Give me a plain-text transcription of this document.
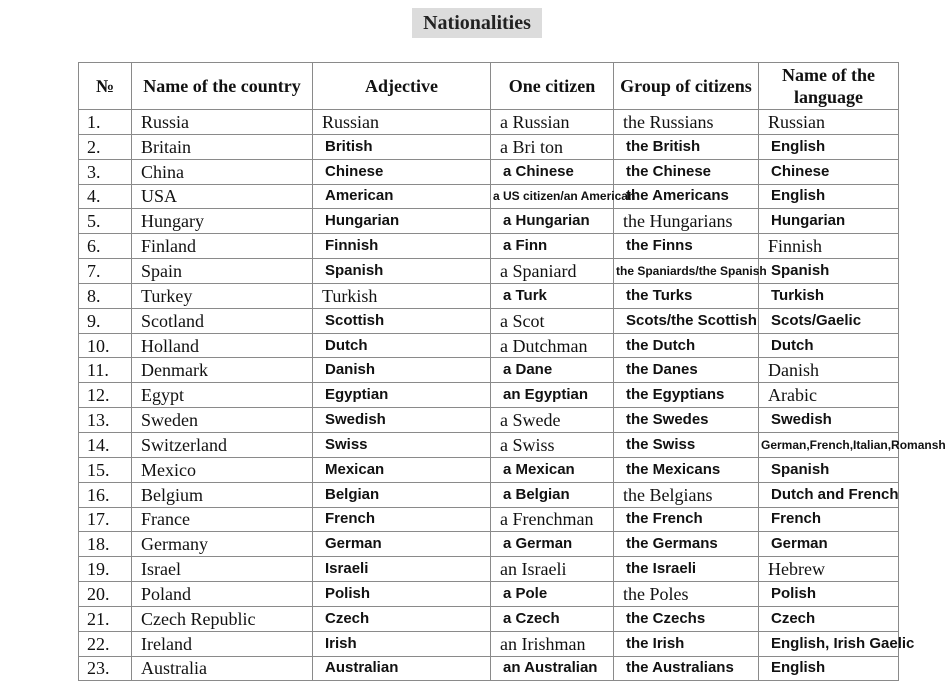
Nationalities
№	Name of the country	Adjective	One citizen	Group of citizens	Name of the language
1.	Russia	Russian	a Russian	the Russians	Russian
2.	Britain	British	a Bri ton	the British	English
3.	China	Chinese	a Chinese	the Chinese	Chinese
4.	USA	American	a US citizen/an American	the Americans	English
5.	Hungary	Hungarian	a Hungarian	the Hungarians	Hungarian
6.	Finland	Finnish	a Finn	the Finns	Finnish
7.	Spain	Spanish	a Spaniard	the Spaniards/the Spanish	Spanish
8.	Turkey	Turkish	a Turk	the Turks	Turkish
9.	Scotland	Scottish	a Scot	Scots/the Scottish	Scots/Gaelic
10.	Holland	Dutch	a Dutchman	the Dutch	Dutch
11.	Denmark	Danish	a Dane	the Danes	Danish
12.	Egypt	Egyptian	an Egyptian	the Egyptians	Arabic
13.	Sweden	Swedish	a Swede	the Swedes	Swedish
14.	Switzerland	Swiss	a Swiss	the Swiss	German,French,Italian,Romansh
15.	Mexico	Mexican	a Mexican	the Mexicans	Spanish
16.	Belgium	Belgian	a Belgian	the Belgians	Dutch and French
17.	France	French	a Frenchman	the French	French
18.	Germany	German	a German	the Germans	German
19.	Israel	Israeli	an Israeli	the Israeli	Hebrew
20.	Poland	Polish	a Pole	the Poles	Polish
21.	Czech Republic	Czech	a Czech	the Czechs	Czech
22.	Ireland	Irish	an Irishman	the Irish	English, Irish Gaelic
23.	Australia	Australian	an Australian	the Australians	English
